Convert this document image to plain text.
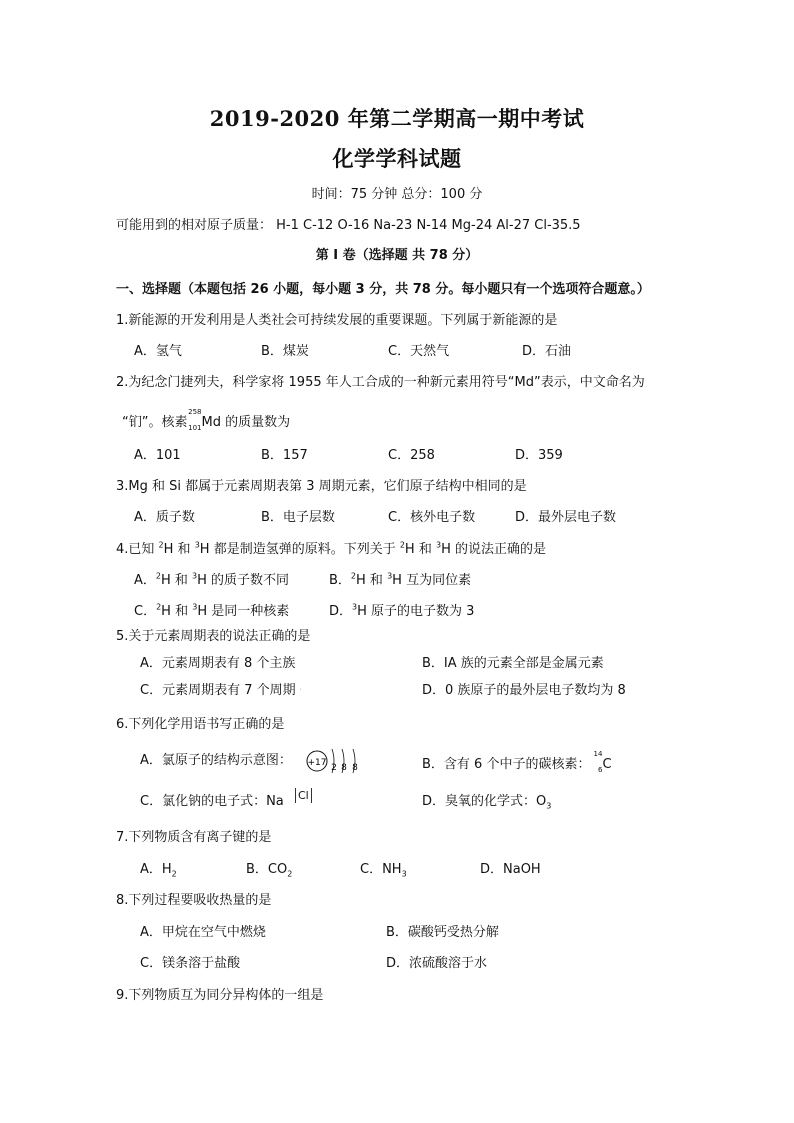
2019-2020 年第二学期高一期中考试
化学学科试题
时间：75 分钟 总分：100 分
可能用到的相对原子质量： H-1 C-12 O-16 Na-23 N-14 Mg-24 Al-27 Cl-35.5
第 I 卷（选择题 共 78 分）
一、选择题（本题包括 26 小题，每小题 3 分，共 78 分。每小题只有一个选项符合题意。）
1.新能源的开发利用是人类社会可持续发展的重要课题。下列属于新能源的是
A．氢气	B．煤炭	C．天然气	D．石油
2.为纪念门捷列夫，科学家将 1955 年人工合成的一种新元素用符号“Md”表示，中文命名为
“钔”。核素
258
101 Md 的质量数为
A．101	B．157	C．258	D．359
3.Mg 和 Si 都属于元素周期表第 3 周期元素，它们原子结构中相同的是
A．质子数	B．电子层数	C．核外电子数	D．最外层电子数
4.已知 $^2$H 和 $^3$H 都是制造氢弹的原料。下列关于 $^2$H 和 $^3$H 的说法正确的是
A．$^2$H 和 $^3$H 的质子数不同	B．$^2$H 和 $^3$H 互为同位素
C．$^2$H 和 $^3$H 是同一种核素	D．$^3$H 原子的电子数为 3
5.关于元素周期表的说法正确的是
A．元素周期表有 8 个主族	B．ⅠA 族的元素全部是金属元素
C．元素周期表有 7 个周期 ·	D．0 族原子的最外层电子数均为 8
6.下列化学用语书写正确的是
A．氯原子的结构示意图： +17 2 8 8	B．含有 6 个中子的碳核素：
14
6 C
C．氯化钠的电子式：Na Cl	D．臭氧的化学式：$O_3$
7.下列物质含有离子键的是
A．$H_2$	B．$CO_2$	C．$NH_3$	D．NaOH
8.下列过程要吸收热量的是
A．甲烷在空气中燃烧	B．碳酸钙受热分解
C．镁条溶于盐酸	D．浓硫酸溶于水
9.下列物质互为同分异构体的一组是
